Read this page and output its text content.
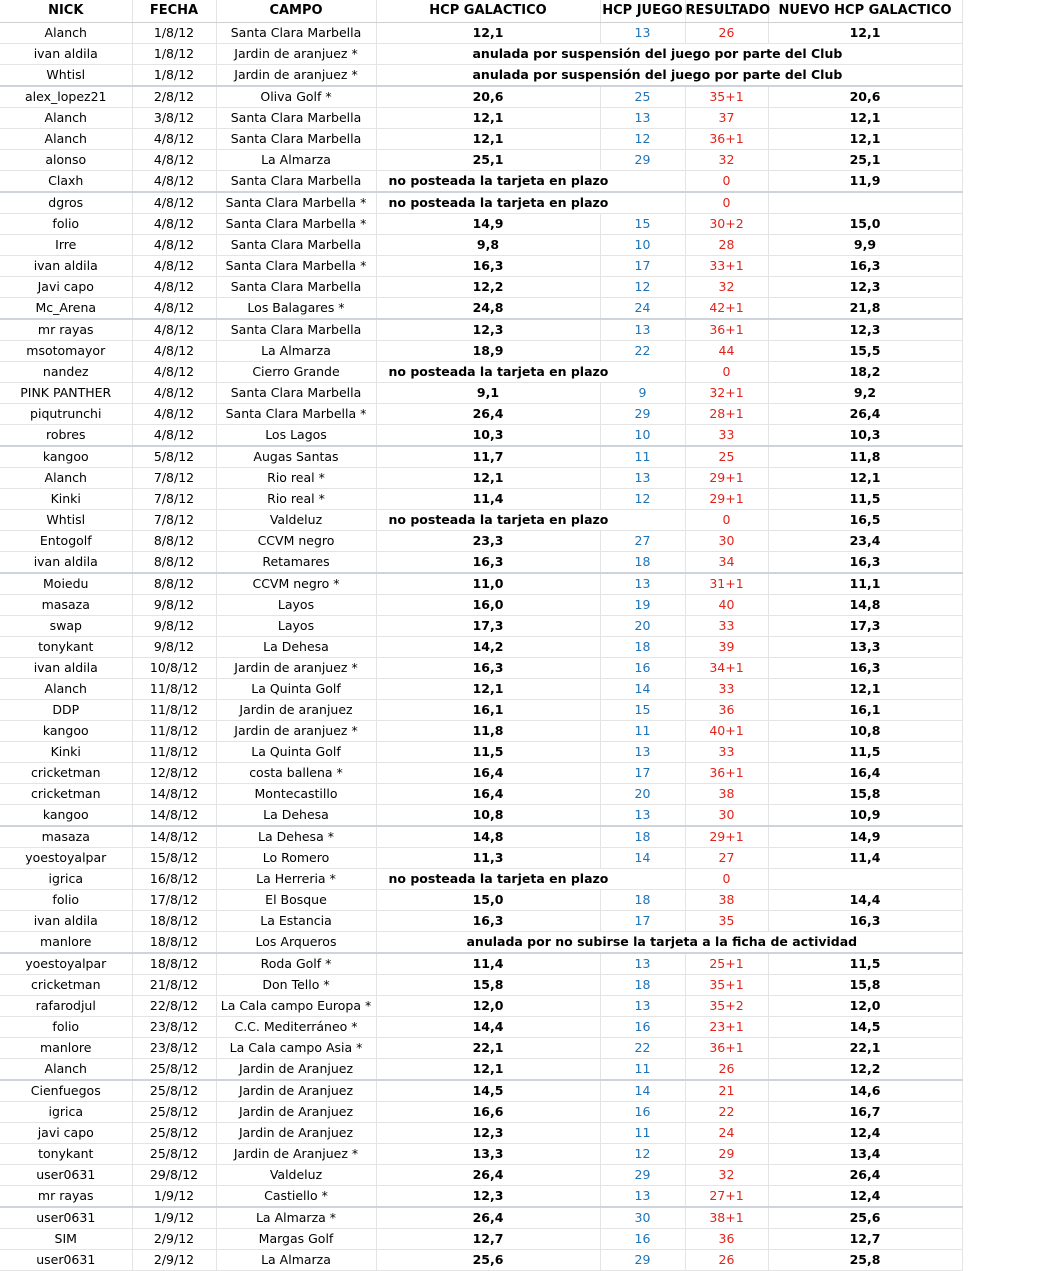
NICK	FECHA	CAMPO	HCP GALACTICO	HCP JUEGO	RESULTADO	NUEVO HCP GALACTICO
Alanch	1/8/12	Santa Clara Marbella	12,1	13	26	12,1
ivan aldila	1/8/12	Jardin de aranjuez *	anulada por suspensión del juego por parte del Club			
Whtisl	1/8/12	Jardin de aranjuez *	anulada por suspensión del juego por parte del Club			
alex_lopez21	2/8/12	Oliva Golf *	20,6	25	35+1	20,6
Alanch	3/8/12	Santa Clara Marbella	12,1	13	37	12,1
Alanch	4/8/12	Santa Clara Marbella	12,1	12	36+1	12,1
alonso	4/8/12	La Almarza	25,1	29	32	25,1
Claxh	4/8/12	Santa Clara Marbella	no posteada la tarjeta en plazo		0	11,9
dgros	4/8/12	Santa Clara Marbella *	no posteada la tarjeta en plazo		0	
folio	4/8/12	Santa Clara Marbella *	14,9	15	30+2	15,0
Irre	4/8/12	Santa Clara Marbella	9,8	10	28	9,9
ivan aldila	4/8/12	Santa Clara Marbella *	16,3	17	33+1	16,3
Javi capo	4/8/12	Santa Clara Marbella	12,2	12	32	12,3
Mc_Arena	4/8/12	Los Balagares *	24,8	24	42+1	21,8
mr rayas	4/8/12	Santa Clara Marbella	12,3	13	36+1	12,3
msotomayor	4/8/12	La Almarza	18,9	22	44	15,5
nandez	4/8/12	Cierro Grande	no posteada la tarjeta en plazo		0	18,2
PINK PANTHER	4/8/12	Santa Clara Marbella	9,1	9	32+1	9,2
piqutrunchi	4/8/12	Santa Clara Marbella *	26,4	29	28+1	26,4
robres	4/8/12	Los Lagos	10,3	10	33	10,3
kangoo	5/8/12	Augas Santas	11,7	11	25	11,8
Alanch	7/8/12	Rio real *	12,1	13	29+1	12,1
Kinki	7/8/12	Rio real *	11,4	12	29+1	11,5
Whtisl	7/8/12	Valdeluz	no posteada la tarjeta en plazo		0	16,5
Entogolf	8/8/12	CCVM negro	23,3	27	30	23,4
ivan aldila	8/8/12	Retamares	16,3	18	34	16,3
Moiedu	8/8/12	CCVM negro *	11,0	13	31+1	11,1
masaza	9/8/12	Layos	16,0	19	40	14,8
swap	9/8/12	Layos	17,3	20	33	17,3
tonykant	9/8/12	La Dehesa	14,2	18	39	13,3
ivan aldila	10/8/12	Jardin de aranjuez *	16,3	16	34+1	16,3
Alanch	11/8/12	La Quinta Golf	12,1	14	33	12,1
DDP	11/8/12	Jardin de aranjuez	16,1	15	36	16,1
kangoo	11/8/12	Jardin de aranjuez *	11,8	11	40+1	10,8
Kinki	11/8/12	La Quinta Golf	11,5	13	33	11,5
cricketman	12/8/12	costa ballena *	16,4	17	36+1	16,4
cricketman	14/8/12	Montecastillo	16,4	20	38	15,8
kangoo	14/8/12	La Dehesa	10,8	13	30	10,9
masaza	14/8/12	La Dehesa *	14,8	18	29+1	14,9
yoestoyalpar	15/8/12	Lo Romero	11,3	14	27	11,4
igrica	16/8/12	La Herreria *	no posteada la tarjeta en plazo		0	
folio	17/8/12	El Bosque	15,0	18	38	14,4
ivan aldila	18/8/12	La Estancia	16,3	17	35	16,3
manlore	18/8/12	Los Arqueros	anulada por no subirse la tarjeta a la ficha de actividad			
yoestoyalpar	18/8/12	Roda Golf *	11,4	13	25+1	11,5
cricketman	21/8/12	Don Tello *	15,8	18	35+1	15,8
rafarodjul	22/8/12	La Cala campo Europa *	12,0	13	35+2	12,0
folio	23/8/12	C.C. Mediterráneo *	14,4	16	23+1	14,5
manlore	23/8/12	La Cala campo Asia *	22,1	22	36+1	22,1
Alanch	25/8/12	Jardin de Aranjuez	12,1	11	26	12,2
Cienfuegos	25/8/12	Jardin de Aranjuez	14,5	14	21	14,6
igrica	25/8/12	Jardin de Aranjuez	16,6	16	22	16,7
javi capo	25/8/12	Jardin de Aranjuez	12,3	11	24	12,4
tonykant	25/8/12	Jardin de Aranjuez *	13,3	12	29	13,4
user0631	29/8/12	Valdeluz	26,4	29	32	26,4
mr rayas	1/9/12	Castiello *	12,3	13	27+1	12,4
user0631	1/9/12	La Almarza *	26,4	30	38+1	25,6
SIM	2/9/12	Margas Golf	12,7	16	36	12,7
user0631	2/9/12	La Almarza	25,6	29	26	25,8
